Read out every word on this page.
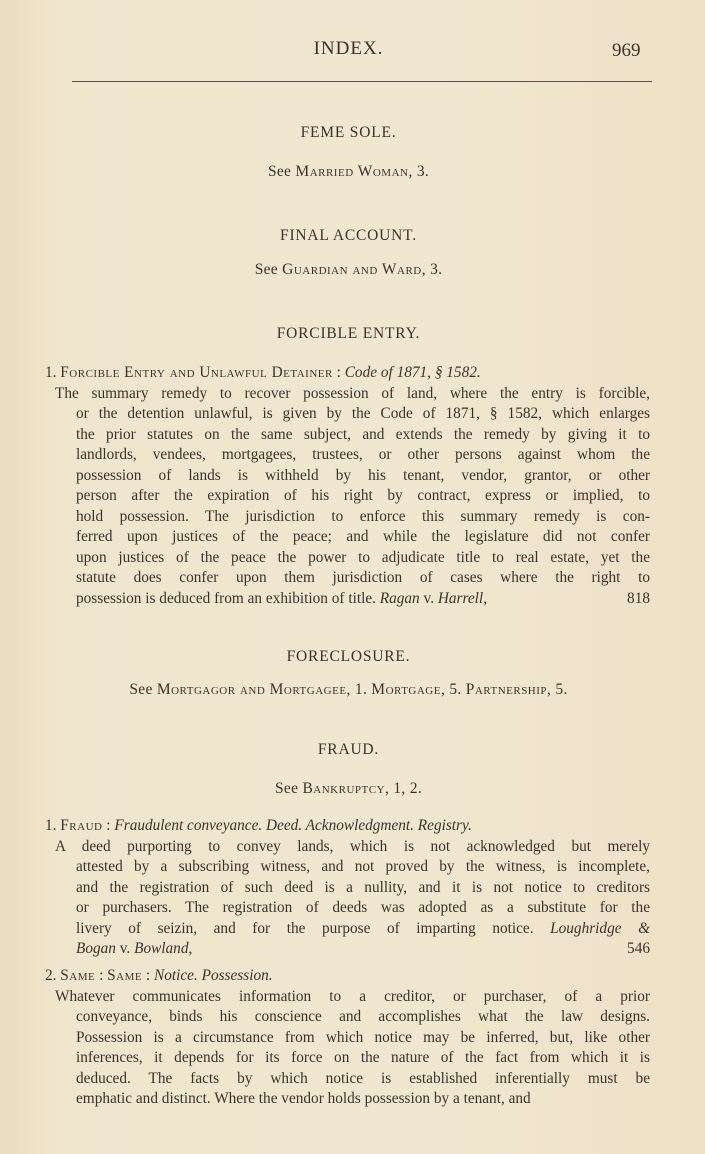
INDEX.	969
FEME SOLE.
See Married Woman, 3.
FINAL ACCOUNT.
See Guardian and Ward, 3.
FORCIBLE ENTRY.
1. Forcible Entry and Unlawful Detainer : Code of 1871, § 1582.
The summary remedy to recover possession of land, where the entry is forcible,
or the detention unlawful, is given by the Code of 1871, § 1582, which enlarges
the prior statutes on the same subject, and extends the remedy by giving it to
landlords, vendees, mortgagees, trustees, or other persons against whom the
possession of lands is withheld by his tenant, vendor, grantor, or other
person after the expiration of his right by contract, express or implied, to
hold possession. The jurisdiction to enforce this summary remedy is con-
ferred upon justices of the peace; and while the legislature did not confer
upon justices of the peace the power to adjudicate title to real estate, yet the
statute does confer upon them jurisdiction of cases where the right to
possession is deduced from an exhibition of title. Ragan v. Harrell,	818
FORECLOSURE.
See Mortgagor and Mortgagee, 1. Mortgage, 5. Partnership, 5.
FRAUD.
See Bankruptcy, 1, 2.
1. Fraud : Fraudulent conveyance. Deed. Acknowledgment. Registry.
A deed purporting to convey lands, which is not acknowledged but merely
attested by a subscribing witness, and not proved by the witness, is incomplete,
and the registration of such deed is a nullity, and it is not notice to creditors
or purchasers. The registration of deeds was adopted as a substitute for the
livery of seizin, and for the purpose of imparting notice. Loughridge &
Bogan v. Bowland,	546
2. Same : Same : Notice. Possession.
Whatever communicates information to a creditor, or purchaser, of a prior
conveyance, binds his conscience and accomplishes what the law designs.
Possession is a circumstance from which notice may be inferred, but, like other
inferences, it depends for its force on the nature of the fact from which it is
deduced. The facts by which notice is established inferentially must be
emphatic and distinct. Where the vendor holds possession by a tenant, and
